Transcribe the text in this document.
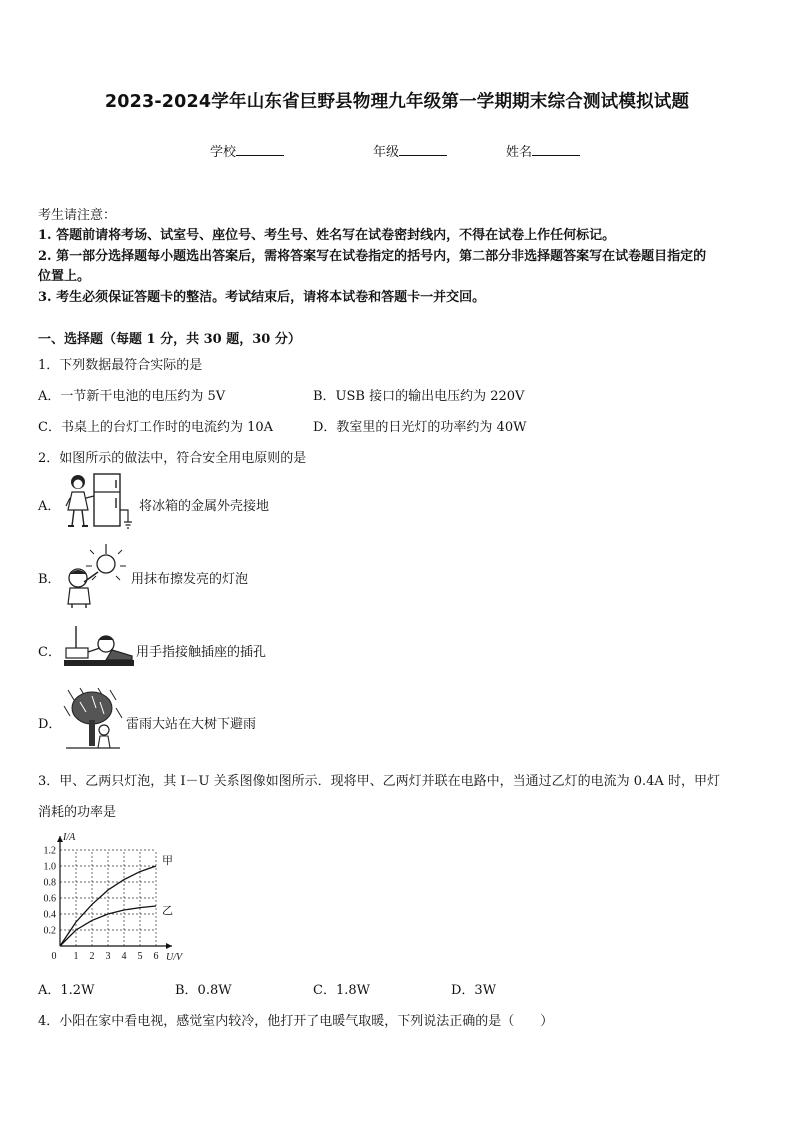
2023-2024学年山东省巨野县物理九年级第一学期期末综合测试模拟试题
学校	年级	姓名
考生请注意：
1. 答题前请将考场、试室号、座位号、考生号、姓名写在试卷密封线内，不得在试卷上作任何标记。
2. 第一部分选择题每小题选出答案后，需将答案写在试卷指定的括号内，第二部分非选择题答案写在试卷题目指定的
位置上。
3. 考生必须保证答题卡的整洁。考试结束后，请将本试卷和答题卡一并交回。
一、选择题（每题 1 分，共 30 题，30 分）
1．下列数据最符合实际的是
A．一节新干电池的电压约为 5V	B．USB 接口的输出电压约为 220V
C．书桌上的台灯工作时的电流约为 10A	D．教室里的日光灯的功率约为 40W
2．如图所示的做法中，符合安全用电原则的是
A．	将冰箱的金属外壳接地
B．	用抹布擦发亮的灯泡
C．	用手指接触插座的插孔
D．	雷雨大站在大树下避雨
3．甲、乙两只灯泡，其 I－U 关系图像如图所示．现将甲、乙两灯并联在电路中，当通过乙灯的电流为 0.4A 时，甲灯
消耗的功率是
0 1 2 3 4 5 6
0.2
0.4
0.6
0.8
1.0
1.2
I/A
U/V
甲
乙
A．1.2W	B．0.8W	C．1.8W	D．3W
4．小阳在家中看电视，感觉室内较冷，他打开了电暖气取暖，下列说法正确的是（　　）
